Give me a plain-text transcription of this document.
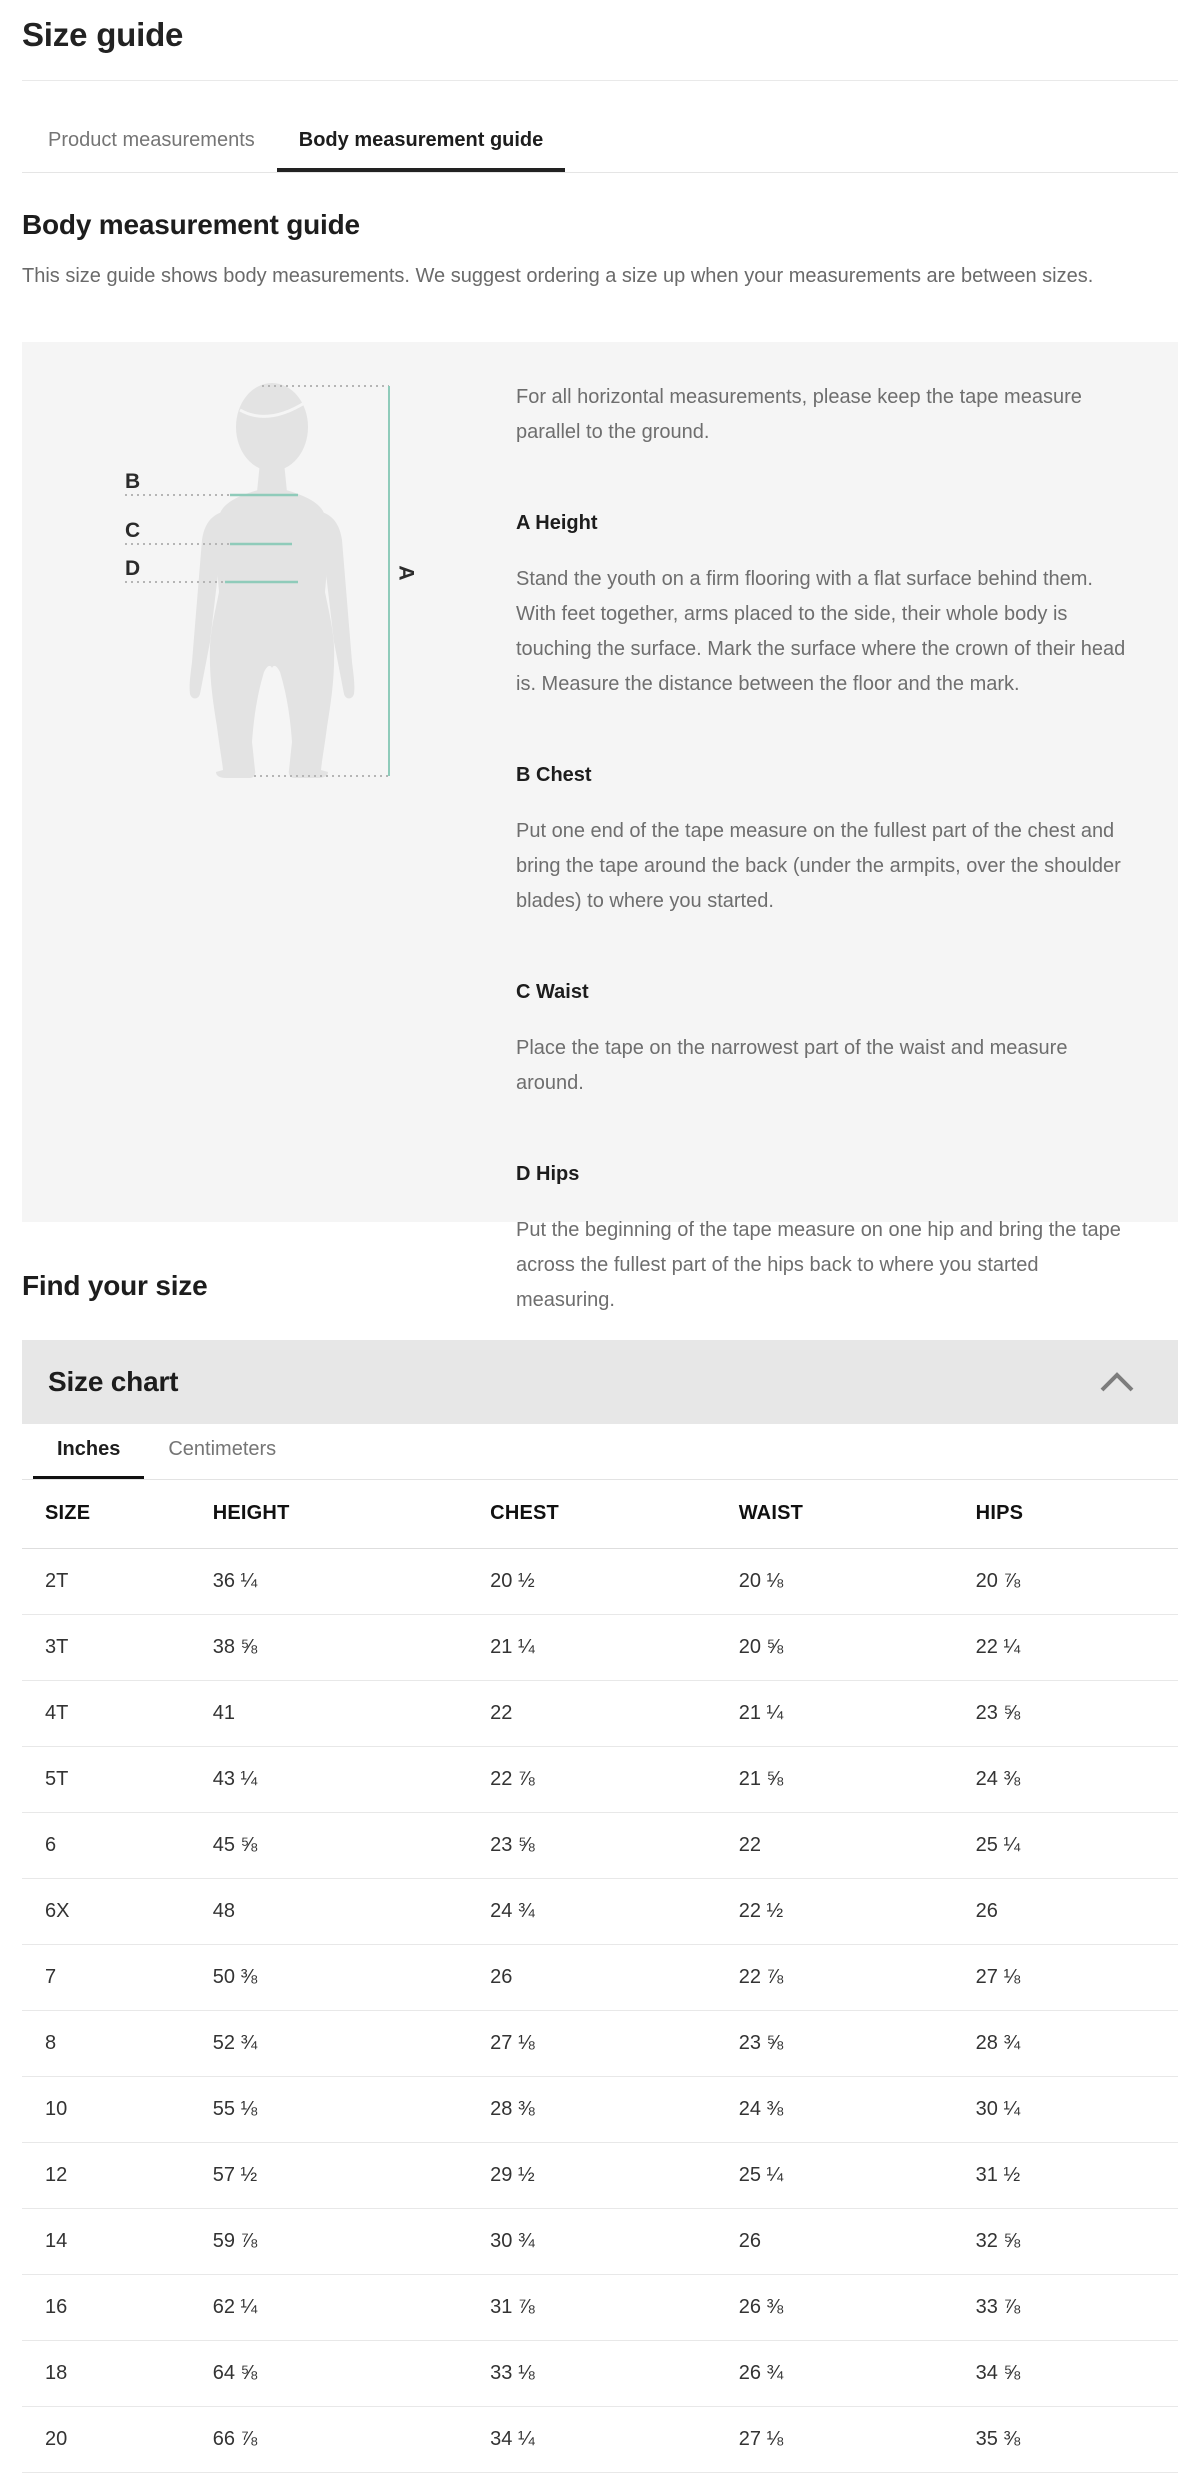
Size guide
Product measurements	Body measurement guide
Body measurement guide

This size guide shows body measurements. We suggest ordering a size up when your measurements are between sizes.

B
C
D	A

For all horizontal measurements, please keep the tape measure parallel to the ground.

A Height

Stand the youth on a firm flooring with a flat surface behind them. With feet together, arms placed to the side, their whole body is touching the surface. Mark the surface where the crown of their head is. Measure the distance between the floor and the mark.

B Chest

Put one end of the tape measure on the fullest part of the chest and bring the tape around the back (under the armpits, over the shoulder blades) to where you started.

C Waist

Place the tape on the narrowest part of the waist and measure around.

D Hips

Put the beginning of the tape measure on one hip and bring the tape across the fullest part of the hips back to where you started measuring.

Find your size
Size chart
Inches	Centimeters
SIZE	HEIGHT	CHEST	WAIST	HIPS
2T	36 ¼	20 ½	20 ⅛	20 ⅞
3T	38 ⅝	21 ¼	20 ⅝	22 ¼
4T	41	22	21 ¼	23 ⅝
5T	43 ¼	22 ⅞	21 ⅝	24 ⅜
6	45 ⅝	23 ⅝	22	25 ¼
6X	48	24 ¾	22 ½	26
7	50 ⅜	26	22 ⅞	27 ⅛
8	52 ¾	27 ⅛	23 ⅝	28 ¾
10	55 ⅛	28 ⅜	24 ⅜	30 ¼
12	57 ½	29 ½	25 ¼	31 ½
14	59 ⅞	30 ¾	26	32 ⅝
16	62 ¼	31 ⅞	26 ⅜	33 ⅞
18	64 ⅝	33 ⅛	26 ¾	34 ⅝
20	66 ⅞	34 ¼	27 ⅛	35 ⅜
